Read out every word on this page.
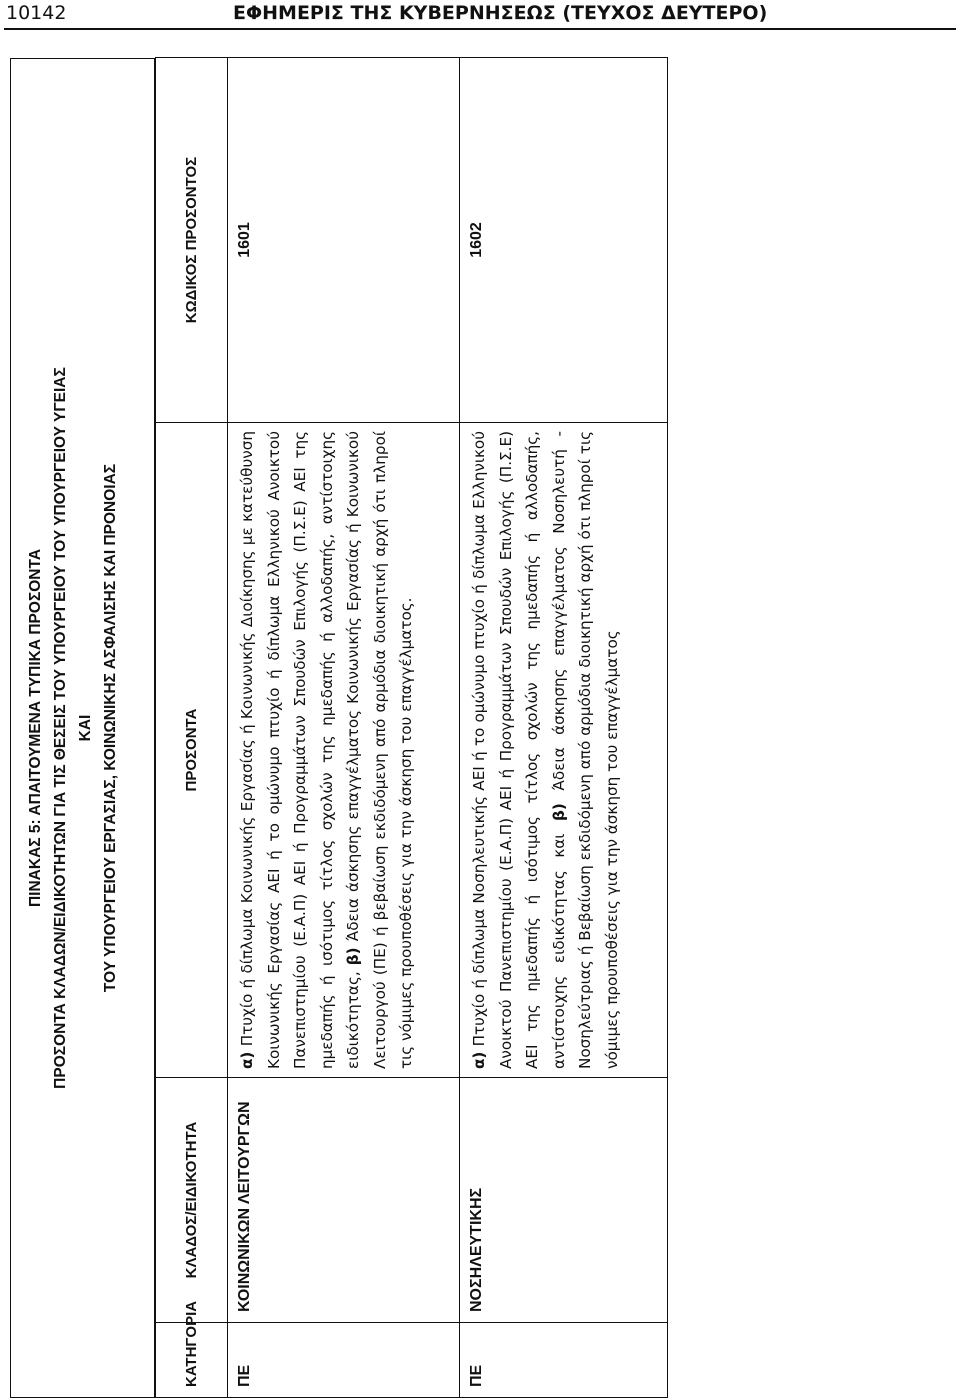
10142	ΕΦΗΜΕΡΙΣ ΤΗΣ ΚΥΒΕΡΝΗΣΕΩΣ (ΤΕΥΧΟΣ ΔΕΥΤΕΡΟ)
ΠΙΝΑΚΑΣ 5: ΑΠΑΙΤΟΥΜΕΝΑ ΤΥΠΙΚΑ ΠΡΟΣΟΝΤΑ ΠΡΟΣΟΝΤΑ ΚΛΑΔΩΝ/ΕΙΔΙΚΟΤΗΤΩΝ ΓΙΑ ΤΙΣ ΘΕΣΕΙΣ ΤΟΥ ΥΠΟΥΡΓΕΙΟΥ ΤΟΥ ΥΠΟΥΡΓΕΙΟΥ ΥΓΕΙΑΣ ΚΑΙ ΤΟΥ ΥΠΟΥΡΓΕΙΟΥ ΕΡΓΑΣΙΑΣ, ΚΟΙΝΩΝΙΚΗΣ ΑΣΦΑΛΙΣΗΣ ΚΑΙ ΠΡΟΝΟΙΑΣ
ΚΑΤΗΓΟΡΙΑ	ΚΛΑΔΟΣ/ΕΙΔΙΚΟΤΗΤΑ	ΠΡΟΣΟΝΤΑ	ΚΩΔΙΚΟΣ ΠΡΟΣΟΝΤΟΣ
ΠΕ	ΚΟΙΝΩΝΙΚΩΝ ΛΕΙΤΟΥΡΓΩΝ	α) Πτυχίο ή δίπλωμα Κοινωνικής Εργασίας ή Κοινωνικής Διοίκησης με κατεύθυνση Κοινωνικής Εργασίας ΑΕΙ ή το ομώνυμο πτυχίο ή δίπλωμα Ελληνικού Ανοικτού Πανεπιστημίου (Ε.Α.Π) ΑΕΙ ή Προγραμμάτων Σπουδών Επιλογής (Π.Σ.Ε) ΑΕΙ της ημεδαπής ή ισότιμος τίτλος σχολών της ημεδαπής ή αλλοδαπής, αντίστοιχης ειδικότητας, β) Άδεια άσκησης επαγγέλματος Κοινωνικής Εργασίας ή Κοινωνικού Λειτουργού (ΠΕ) ή βεβαίωση εκδιδόμενη από αρμόδια διοικητική αρχή ότι πληροί τις νόμιμες προυποθέσεις για την άσκηση του επαγγέλματος.	1601
ΠΕ	ΝΟΣΗΛΕΥΤΙΚΗΣ	α) Πτυχίο ή δίπλωμα Νοσηλευτικής ΑΕΙ ή το ομώνυμο πτυχίο ή δίπλωμα Ελληνικού Ανοικτού Πανεπιστημίου (Ε.Α.Π) ΑΕΙ ή Προγραμμάτων Σπουδών Επιλογής (Π.Σ.Ε) ΑΕΙ της ημεδαπής ή ισότιμος τίτλος σχολών της ημεδαπής ή αλλοδαπής, αντίστοιχης ειδικότητας και β) Άδεια άσκησης επαγγέλματος Νοσηλευτή - Νοσηλεύτριας ή Βεβαίωση εκδιδόμενη από αρμόδια διοικητική αρχή ότι πληροί τις νόμιμες προυποθέσεις για την άσκηση του επαγγέλματος	1602
